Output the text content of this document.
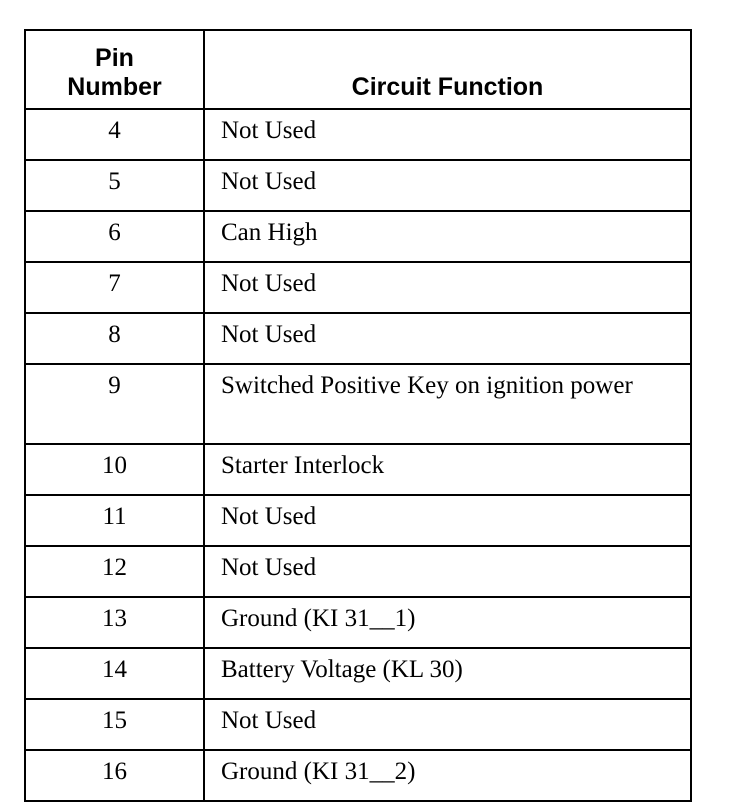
Pin
Number	Circuit Function
4	Not Used
5	Not Used
6	Can High
7	Not Used
8	Not Used
9	Switched Positive Key on ignition power
10	Starter Interlock
11	Not Used
12	Not Used
13	Ground (KI 31__1)
14	Battery Voltage (KL 30)
15	Not Used
16	Ground (KI 31__2)
